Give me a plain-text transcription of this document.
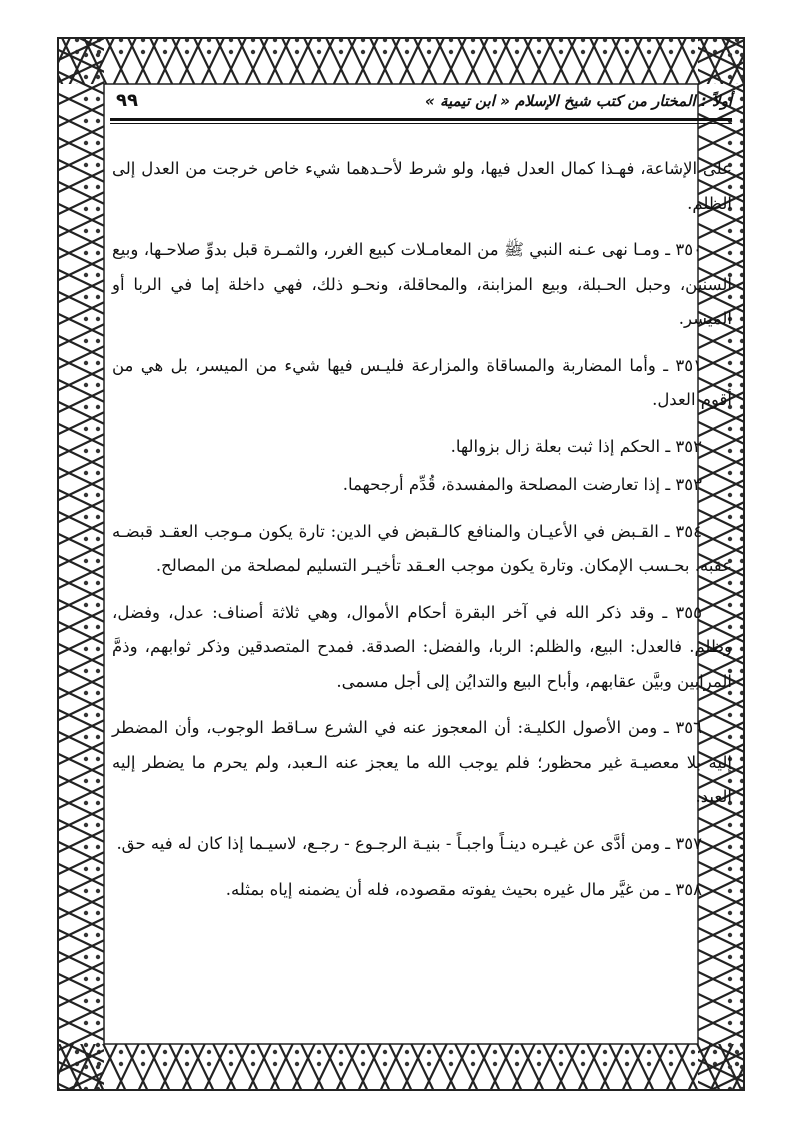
أولاً : المختار من كتب شيخ الإسلام « ابن تيمية »
٩٩

على الإشاعة، فهـذا كمال العدل فيها، ولو شرط لأحـدهما شيء خاص خرجت من العدل إلى الظلم.

٣٥٠ ـ ومـا نهى عـنه النبي ﷺ من المعامـلات كبيع الغرر، والثمـرة قبل بدوِّ صلاحـها، وبيع السنين، وحبل الحـبلة، وبيع المزابنة، والمحاقلة، ونحـو ذلك، فهي داخلة إما في الربا أو الميسر.

٣٥١ ـ وأما المضاربة والمساقاة والمزارعة فليـس فيها شيء من الميسر، بل هي من أقوم العدل.

٣٥٢ ـ الحكم إذا ثبت بعلة زال بزوالها.

٣٥٣ ـ إذا تعارضت المصلحة والمفسدة، قُدِّم أرجحهما.

٣٥٤ ـ القـبض في الأعيـان والمنافع كالـقبض في الدين: تارة يكون مـوجب العقـد قبضـه عقبه. بحـسب الإمكان. وتارة يكون موجب العـقد تأخيـر التسليم لمصلحة من المصالح.

٣٥٥ ـ وقد ذكر الله في آخر البقرة أحكام الأموال، وهي ثلاثة أصناف: عدل، وفضل، وظلم. فالعدل: البيع، والظلم: الربا، والفضل: الصدقة. فمدح المتصدقين وذكر ثوابهم، وذمَّ المرابين وبيَّن عقابهم، وأباح البيع والتدايُن إلى أجل مسمى.

٣٥٦ ـ ومن الأصول الكليـة: أن المعجوز عنه في الشرع سـاقط الوجوب، وأن المضطر إليه بلا معصيـة غير محظور؛ فلم يوجب الله ما يعجز عنه الـعبد، ولم يحرم ما يضطر إليه العبد.

٣٥٧ ـ ومن أدَّى عن غيـره دينـاً واجبـاً - بنيـة الرجـوع - رجـع، لاسيـما إذا كان له فيه حق.

٣٥٨ ـ من غيَّر مال غيره بحيث يفوته مقصوده، فله أن يضمنه إياه بمثله.
